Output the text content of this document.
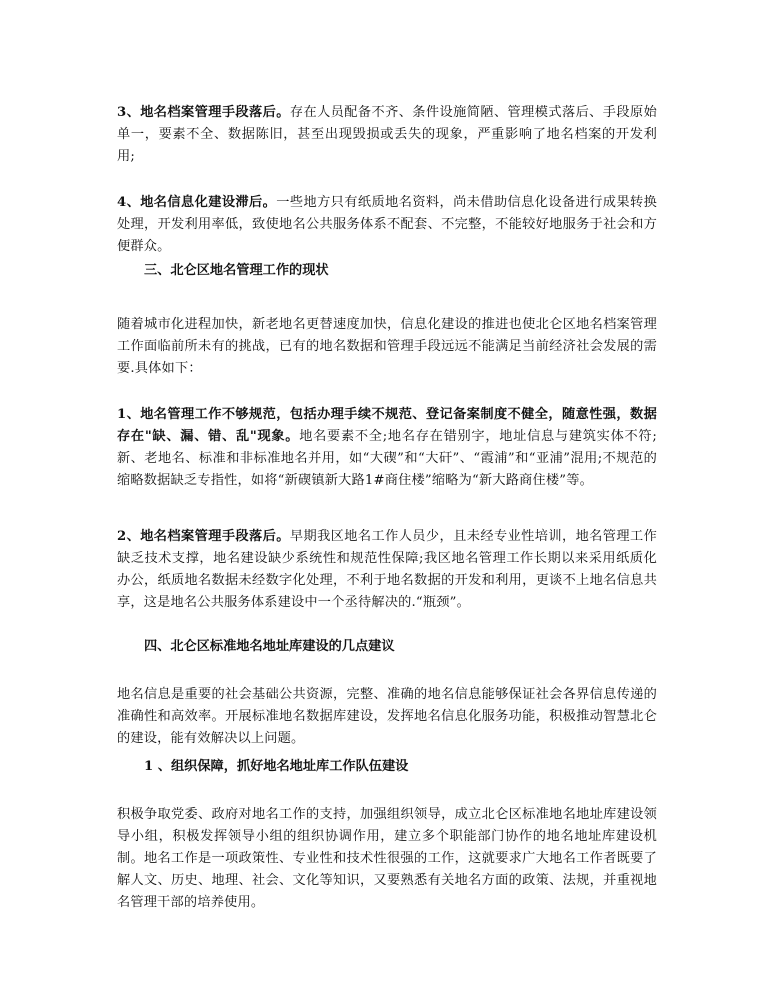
3、地名档案管理手段落后。存在人员配备不齐、条件设施简陋、管理模式落后、手段原始单一，要素不全、数据陈旧，甚至出现毁损或丢失的现象，严重影响了地名档案的开发利用;

4、地名信息化建设滞后。一些地方只有纸质地名资料，尚未借助信息化设备进行成果转换处理，开发利用率低，致使地名公共服务体系不配套、不完整，不能较好地服务于社会和方便群众。

三、北仑区地名管理工作的现状

随着城市化进程加快，新老地名更替速度加快，信息化建设的推进也使北仑区地名档案管理工作面临前所未有的挑战，已有的地名数据和管理手段远远不能满足当前经济社会发展的需要.具体如下：

1、地名管理工作不够规范，包括办理手续不规范、登记备案制度不健全，随意性强，数据存在"缺、漏、错、乱"现象。地名要素不全;地名存在错别字，地址信息与建筑实体不符;新、老地名、标准和非标准地名并用，如“大碶”和“大矸”、“霞浦”和“亚浦”混用;不规范的缩略数据缺乏专指性，如将“新碶镇新大路1#商住楼”缩略为“新大路商住楼”等。

2、地名档案管理手段落后。早期我区地名工作人员少，且未经专业性培训，地名管理工作缺乏技术支撑，地名建设缺少系统性和规范性保障;我区地名管理工作长期以来采用纸质化办公，纸质地名数据未经数字化处理，不利于地名数据的开发和利用，更谈不上地名信息共享，这是地名公共服务体系建设中一个丞待解决的.“瓶颈”。

四、北仑区标准地名地址库建设的几点建议

地名信息是重要的社会基础公共资源，完整、准确的地名信息能够保证社会各界信息传递的准确性和高效率。开展标准地名数据库建设，发挥地名信息化服务功能，积极推动智慧北仑的建设，能有效解决以上问题。

1 、组织保障，抓好地名地址库工作队伍建设

积极争取党委、政府对地名工作的支持，加强组织领导，成立北仑区标准地名地址库建设领导小组，积极发挥领导小组的组织协调作用，建立多个职能部门协作的地名地址库建设机制。地名工作是一项政策性、专业性和技术性很强的工作，这就要求广大地名工作者既要了解人文、历史、地理、社会、文化等知识，又要熟悉有关地名方面的政策、法规，并重视地名管理干部的培养使用。
